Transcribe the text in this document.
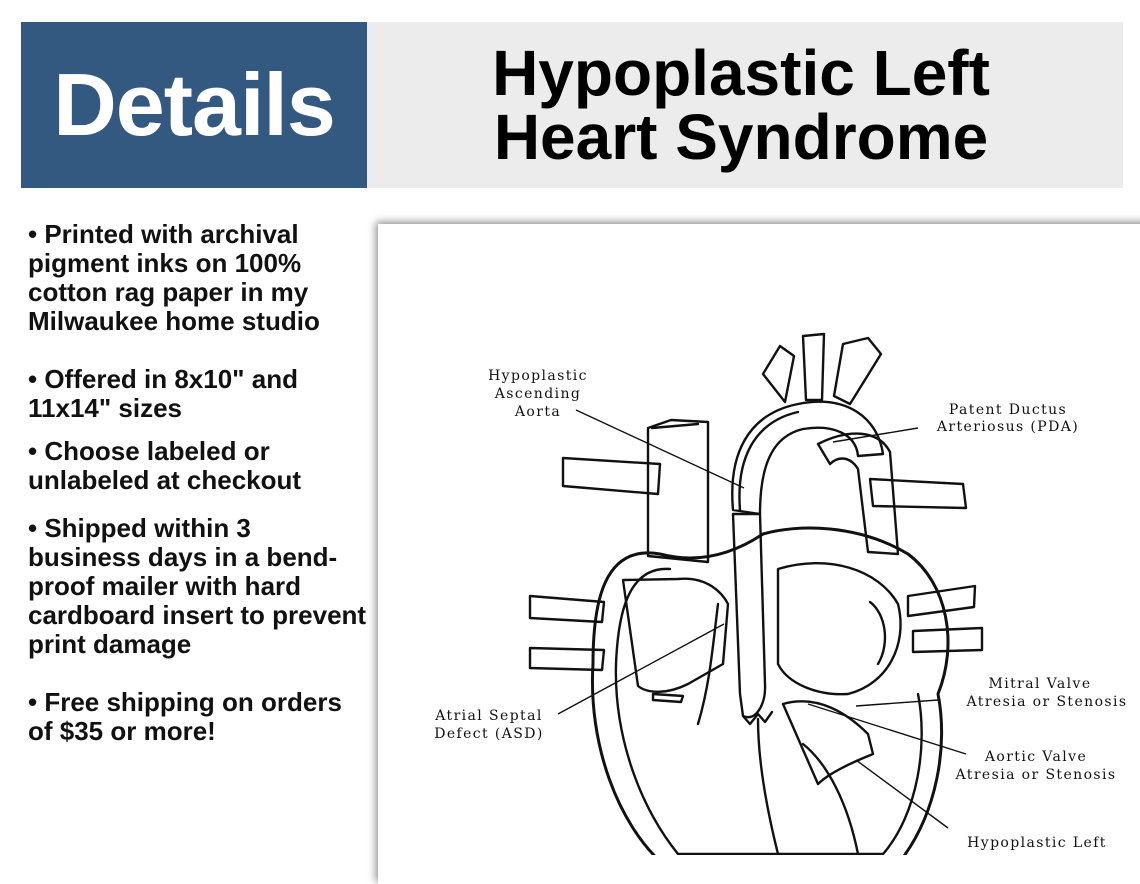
Details Hypoplastic Left
Heart Syndrome

• Printed with archival pigment inks on 100% cotton rag paper in my Milwaukee home studio

• Offered in 8x10" and 11x14" sizes

• Choose labeled or unlabeled at checkout

• Shipped within 3 business days in a bend-proof mailer with hard cardboard insert to prevent print damage

• Free shipping on orders of $35 or more!

Hypoplastic
Ascending
Aorta	Patent Ductus
Arteriosus (PDA)
Mitral Valve
Atresia or Stenosis
Atrial Septal
Defect (ASD)
Aortic Valve
Atresia or Stenosis
Hypoplastic Left
